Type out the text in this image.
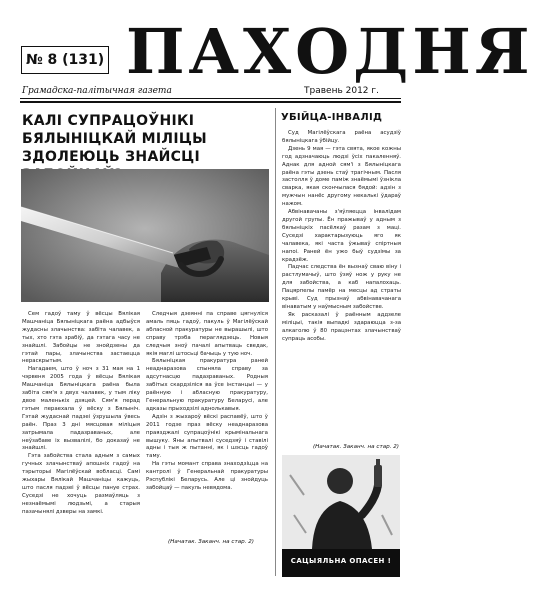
№ 8 (131) ПАХОДНЯ
Грамадска-палітычная газета	Травень 2012 г.
КАЛІ СУПРАЦОЎНІКІ БЯЛЫНІЦКАЙ МІЛІЦЫ ЗДОЛЕЮЦЬ ЗНАЙСЦІ

Сем гадоў таму ў вёсцы Вялікая Машчаніца Бялыніцкага раёна адбыўся жудасны злачынства: забіта чалавек, а тых, хто гэта зрабіў, да гэтага часу не знайшлі. Забойцы не знойдзены да гэтай пары, злачынства застаецца нераскрытым.

Нагадаем, што ў ноч з 31 мая на 1 чэрвеня 2005 года ў вёсцы Вялікая Машчаніца Бялыніцкага раёна была забіта сям'я з двух чалавек, у тым ліку двое маленькіх дзяцей. Сям'я перад гэтым пераехала ў вёску з Бялыніч. Гэтай жудаснай падзеі ўзрушыла ўвесь раён. Праз 3 дні мясцовая міліцыя затрымала падазраваных, але неўзабаве іх вызвалілі, бо доказаў не знайшлі.

Гэта забойства стала адным з самых гучных злачынстваў апошніх гадоў на тэрыторыі Магілёўскай вобласці. Самі жыхары Вялікай Машчаніцы кажуць, што пасля падзеі ў вёсцы пануе страх. Суседзі не хочуць размаўляць з незнаёмымі людзьмі, а старыя пазачынялі дзверы на замкі.

Следчыя дзеянні па справе цягнуліся амаль пяць гадоў, пакуль ў Магілёўскай абласной пракуратуры не вырашылі, што справу трэба пераглядзець. Новыя следчыя зноў пачалі апытваць сведак, якія маглі штосьці бачыць у тую ноч.

Бялыніцкая пракуратура раней неаднаразова спыняла справу за адсутнасцю падазраваных. Родныя забітых скардзіліся ва ўсе інстанцыі — у раённую і абласную пракуратуру, Генеральную пракуратуру Беларусі, але адказы прыходзілі аднолькавыя.

Адзін з жыхароў вёскі распавёў, што ў 2011 годзе праз вёску неаднаразова праязджалі супрацоўнікі крымінальнага вышуку. Яны апытвалі суседзяў і ставілі адны і тыя ж пытанні, як і шэсць гадоў таму.

На гэты момант справа знаходзіцца на кантролі ў Генеральнай пракуратуры Рэспублікі Беларусь. Але ці знойдуць забойцаў — пакуль невядома.

(Начатак. Заканч. на стар. 2)
УБІЙЦА-ІНВАЛІД

Суд Магілёўскага раёна асудзіў бялыніцкага ўбійцу.

Дзень 9 мая — гэта свята, якое кожны год адзначаюць людзі ўсіх пакаленняў. Аднак для адной сям'і з Бялыніцкага раёна гэты дзень стаў трагічным. Пасля застолля ў доме паміж знаёмымі ўзнікла сварка, якая скончылася бядой: адзін з мужчын нанёс другому некалькі ўдараў нажом.

Абвінавачаны з'яўляецца інвалідам другой групы. Ён пражываў у адным з бялыніцкіх пасёлкаў разам з маці. Суседзі характарызуюць яго як чалавека, які часта ўжываў спіртныя напоі. Раней ён ужо быў судзімы за крадзёж.

Падчас следства ён вызнаў сваю віну і растлумачыў, што ўзяў нож у руку не для забойства, а каб напалохаць. Пацярпелы памёр на месцы ад страты крыві. Суд прызнаў абвінавачанага вінаватым у наўмысным забойстве.

Як расказалі ў раённым аддзеле міліцыі, такія выпадкі здараюцца з-за алкаголю ў 80 працэнтах злачынстваў супраць асобы.

(Начатак. Заканч. на стар. 2)
САЦЫЯЛЬНА ОПАСЕН !
